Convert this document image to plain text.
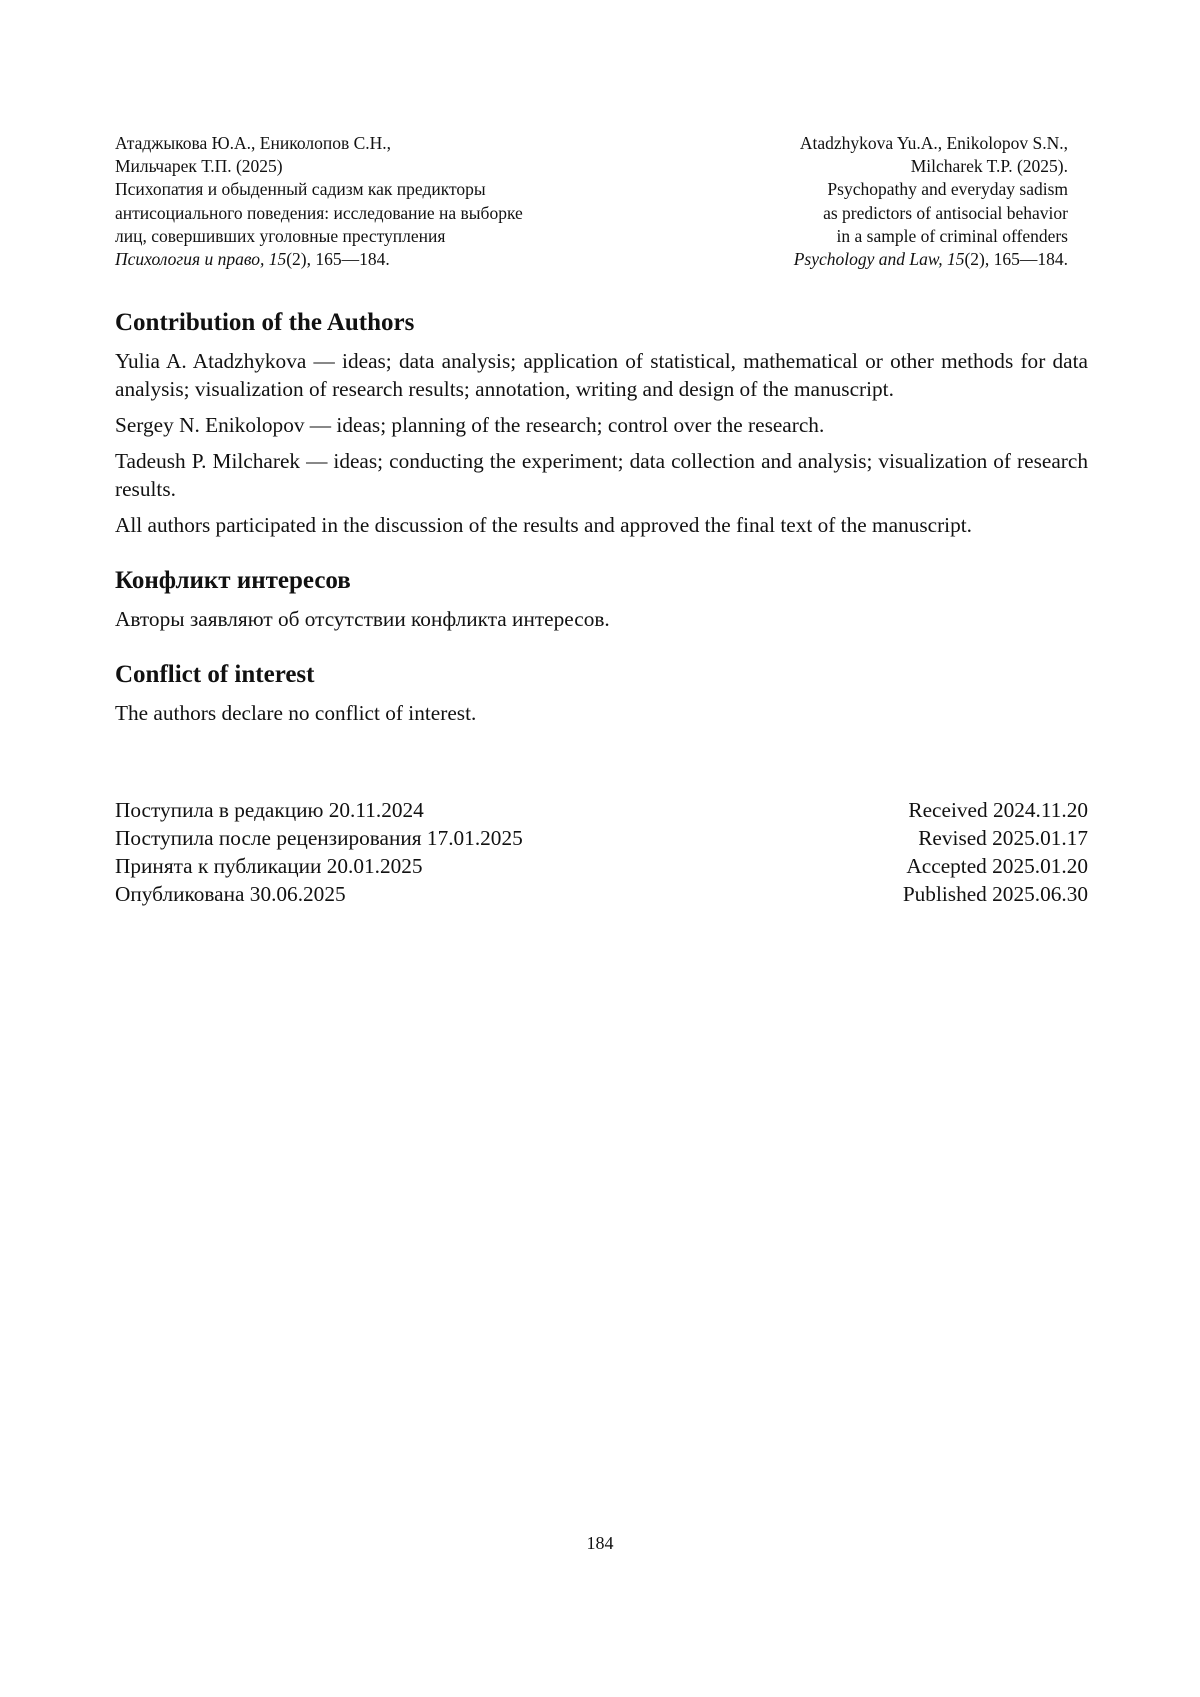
Атаджыкова Ю.А., Ениколопов С.Н.,
Мильчарек Т.П. (2025)
Психопатия и обыденный садизм как предикторы
антисоциального поведения: исследование на выборке
лиц, совершивших уголовные преступления
Психология и право, 15(2), 165—184.
Atadzhykova Yu.A., Enikolopov S.N.,
Milcharek T.P. (2025).
Psychopathy and everyday sadism
as predictors of antisocial behavior
in a sample of criminal offenders
Psychology and Law, 15(2), 165—184.
Contribution of the Authors

Yulia A. Atadzhykova — ideas; data analysis; application of statistical, mathematical or other methods for data analysis; visualization of research results; annotation, writing and design of the manuscript.

Sergey N. Enikolopov — ideas; planning of the research; control over the research.

Tadeush P. Milcharek — ideas; conducting the experiment; data collection and analysis; visualization of research results.

All authors participated in the discussion of the results and approved the final text of the manuscript.

Конфликт интересов

Авторы заявляют об отсутствии конфликта интересов.

Conflict of interest

The authors declare no conflict of interest.

Поступила в редакцию 20.11.2024	Received 2024.11.20
Поступила после рецензирования 17.01.2025	Revised 2025.01.17
Принята к публикации 20.01.2025	Accepted 2025.01.20
Опубликована 30.06.2025	Published 2025.06.30
184
